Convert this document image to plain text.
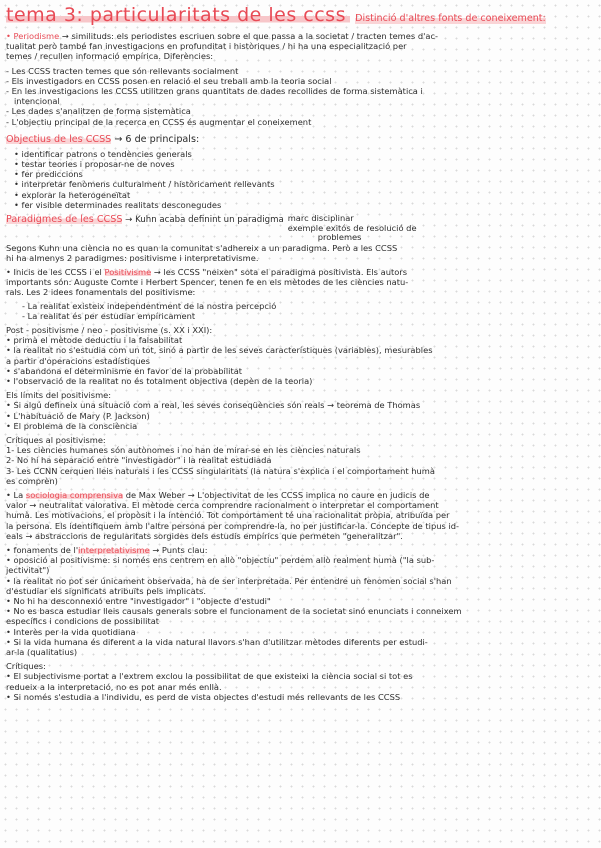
tema 3: particularitats de les ccss Distinció d'altres fonts de coneixement:
• Periodisme → similituds: els periodistes escriuen sobre el que passa a la societat / tracten temes d'ac-
tualitat però també fan investigacions en profunditat i històriques / hi ha una especialització per
temes / recullen informació empírica. Diferències:
- Les CCSS tracten temes que són rellevants socialment
- Els investigadors en CCSS posen en relació el seu treball amb la teoria social
- En les investigacions les CCSS utilitzen grans quantitats de dades recollides de forma sistemàtica i
intencional
- Les dades s'analitzen de forma sistemàtica
- L'objectiu principal de la recerca en CCSS és augmentar el coneixement
Objectius de les CCSS → 6 de principals:
• identificar patrons o tendències generals
• testar teories i proposar-ne de noves
• fer prediccions
• interpretar fenòmens culturalment / històricament rellevants
• explorar la heterogeneïtat
• fer visible determinades realitats desconegudes
Paradigmes de les CCSS → Kuhn acaba definint un paradigma marc disciplinar
exemple exitós de resolució de
problemes
Segons Kuhn una ciència no es quan la comunitat s'adhereix a un paradigma. Però a les CCSS
hi ha almenys 2 paradigmes: positivisme i interpretativisme.
• Inicis de les CCSS i el Positivisme → les CCSS "neixen" sota el paradigma positivista. Els autors
importants són: Auguste Comte i Herbert Spencer, tenen fe en els mètodes de les ciències natu-
rals. Les 2 idees fonamentals del positivisme:
- La realitat existeix independentment de la nostra percepció
- La realitat és per estudiar empíricament
Post - positivisme / neo - positivisme (s. XX i XXI):
• primà el mètode deductiu i la falsabilitat
• la realitat no s'estudia com un tot, sinó a partir de les seves característiques (variables), mesurables
a partir d'operacions estadístiques
• s'abandona el determinisme en favor de la probabilitat
• l'observació de la realitat no és totalment objectiva (depèn de la teoria)
Els límits del positivisme:
• Si algú defineix una situació com a real, les seves conseqüències són reals → teorema de Thomas
• L'habituació de Mary (P. Jackson)
• El problema de la consciència
Crítiques al positivisme:
1- Les ciències humanes són autònomes i no han de mirar-se en les ciències naturals
2- No hi ha separació entre "investigador" i la realitat estudiada
3- Les CCNN cerquen lleis naturals i les CCSS singularitats (la natura s'explica i el comportament humà
es comprèn)
• La sociologia comprensiva de Max Weber → L'objectivitat de les CCSS implica no caure en judicis de
valor → neutralitat valorativa. El mètode cerca comprendre racionalment o interpretar el comportament
humà. Les motivacions, el propòsit i la intenció. Tot comportament té una racionalitat pròpia, atribuïda per
la persona. Els identifiquem amb l'altre persona per comprendre-la, no per justificar-la. Concepte de tipus id-
eals → abstraccions de regularitats sorgides dels estudis empírics que permeten "generalitzar".
• fonaments de l'interpretativisme → Punts clau:
• oposició al positivisme: si només ens centrem en allò "objectiu" perdem allò realment humà ("la sub-
jectivitat")
• la realitat no pot ser únicament observada, ha de ser interpretada. Per entendre un fenomen social s'han
d'estudiar els significats atribuïts pels implicats.
• No hi ha desconnexió entre "investigador" i "objecte d'estudi"
• No es basca estudiar lleis causals generals sobre el funcionament de la societat sinó enunciats i conneixem
específics i condicions de possibilitat
• Interès per la vida quotidiana
• Si la vida humana és diferent a la vida natural llavors s'han d'utilitzar mètodes diferents per estudi-
ar-la (qualitatius)
Crítiques:
• El subjectivisme portat a l'extrem exclou la possibilitat de que existeixi la ciència social si tot es
redueix a la interpretació, no es pot anar més enllà.
• Si només s'estudia a l'individu, es perd de vista objectes d'estudi més rellevants de les CCSS
